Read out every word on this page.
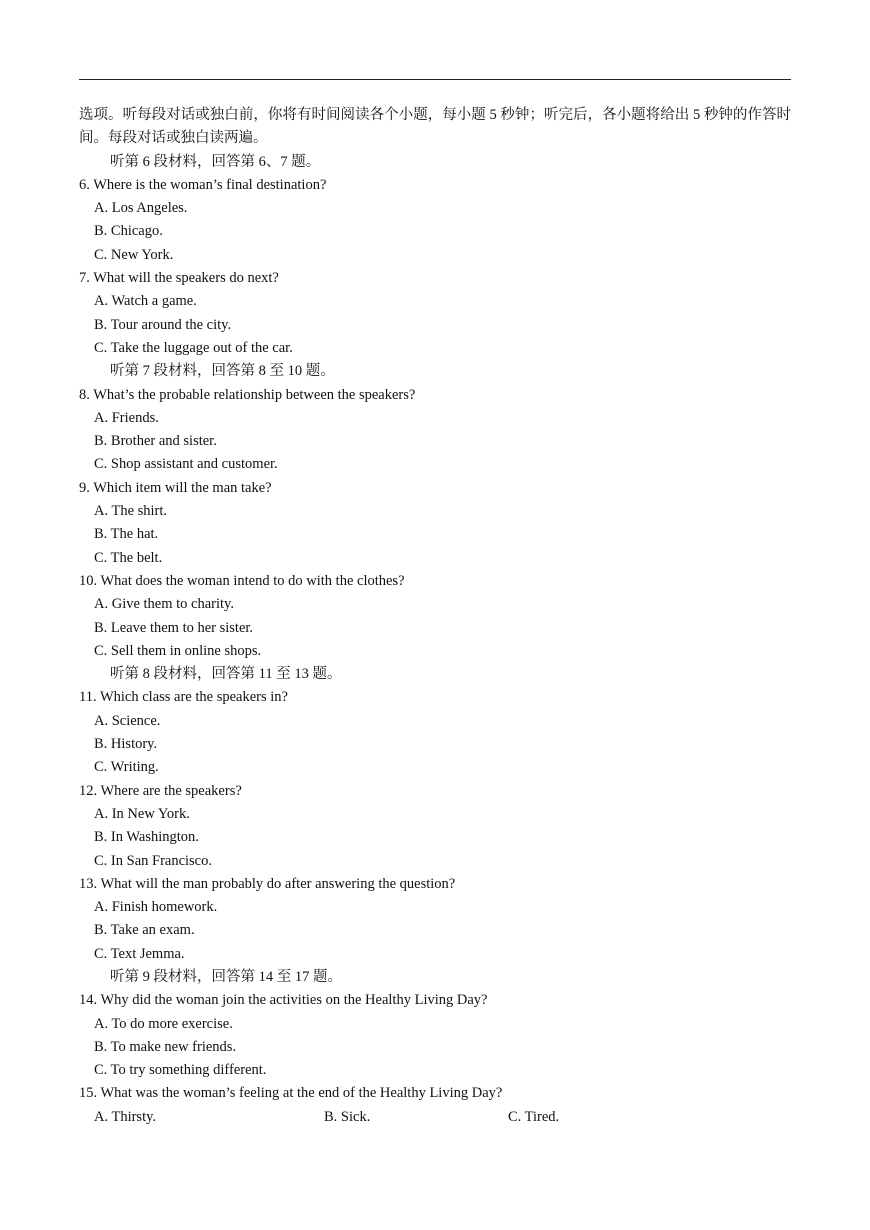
选项。听每段对话或独白前，你将有时间阅读各个小题，每小题 5 秒钟；听完后，各小题将给出 5 秒钟的作答时间。每段对话或独白读两遍。

听第 6 段材料，回答第 6、7 题。
6. Where is the woman’s final destination?
A. Los Angeles.
B. Chicago.
C. New York.
7. What will the speakers do next?
A. Watch a game.
B. Tour around the city.
C. Take the luggage out of the car.
听第 7 段材料，回答第 8 至 10 题。
8. What’s the probable relationship between the speakers?
A. Friends.
B. Brother and sister.
C. Shop assistant and customer.
9. Which item will the man take?
A. The shirt.
B. The hat.
C. The belt.
10. What does the woman intend to do with the clothes?
A. Give them to charity.
B. Leave them to her sister.
C. Sell them in online shops.
听第 8 段材料，回答第 11 至 13 题。
11. Which class are the speakers in?
A. Science.
B. History.
C. Writing.
12. Where are the speakers?
A. In New York.
B. In Washington.
C. In San Francisco.
13. What will the man probably do after answering the question?
A. Finish homework.
B. Take an exam.
C. Text Jemma.
听第 9 段材料，回答第 14 至 17 题。
14. Why did the woman join the activities on the Healthy Living Day?
A. To do more exercise.
B. To make new friends.
C. To try something different.
15. What was the woman’s feeling at the end of the Healthy Living Day?
A. Thirsty.	B. Sick.	C. Tired.
